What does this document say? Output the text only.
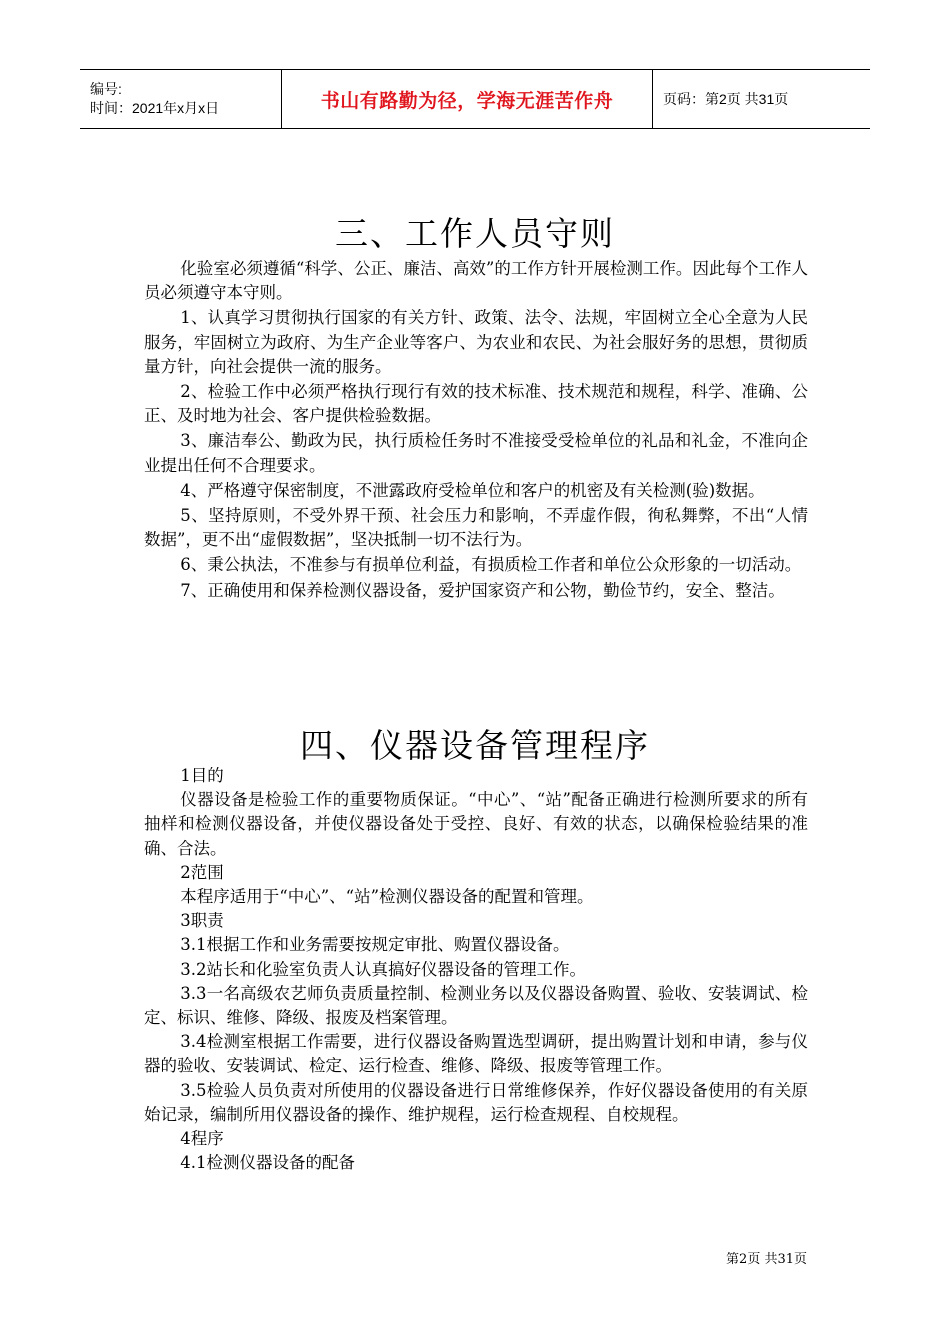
编号:
时间：2021年x月x日	书山有路勤为径，学海无涯苦作舟	页码：第2页 共31页
三、工作人员守则

化验室必须遵循“科学、公正、廉洁、高效”的工作方针开展检测工作。因此每个工作人员必须遵守本守则。

1、认真学习贯彻执行国家的有关方针、政策、法令、法规，牢固树立全心全意为人民服务，牢固树立为政府、为生产企业等客户、为农业和农民、为社会服好务的思想，贯彻质量方针，向社会提供一流的服务。

2、检验工作中必须严格执行现行有效的技术标准、技术规范和规程，科学、准确、公正、及时地为社会、客户提供检验数据。

3、廉洁奉公、勤政为民，执行质检任务时不准接受受检单位的礼品和礼金，不准向企业提出任何不合理要求。

4、严格遵守保密制度，不泄露政府受检单位和客户的机密及有关检测(验)数据。

5、坚持原则，不受外界干预、社会压力和影响，不弄虚作假，徇私舞弊，不出“人情数据”，更不出“虚假数据”，坚决抵制一切不法行为。

6、秉公执法，不准参与有损单位利益，有损质检工作者和单位公众形象的一切活动。

7、正确使用和保养检测仪器设备，爱护国家资产和公物，勤俭节约，安全、整洁。

四、仪器设备管理程序

1目的

仪器设备是检验工作的重要物质保证。“中心”、“站”配备正确进行检测所要求的所有抽样和检测仪器设备，并使仪器设备处于受控、良好、有效的状态，以确保检验结果的准确、合法。

2范围

本程序适用于“中心”、“站”检测仪器设备的配置和管理。

3职责

3.1根据工作和业务需要按规定审批、购置仪器设备。

3.2站长和化验室负责人认真搞好仪器设备的管理工作。

3.3一名高级农艺师负责质量控制、检测业务以及仪器设备购置、验收、安装调试、检定、标识、维修、降级、报废及档案管理。

3.4检测室根据工作需要，进行仪器设备购置选型调研，提出购置计划和申请，参与仪器的验收、安装调试、检定、运行检查、维修、降级、报废等管理工作。

3.5检验人员负责对所使用的仪器设备进行日常维修保养，作好仪器设备使用的有关原始记录，编制所用仪器设备的操作、维护规程，运行检查规程、自校规程。

4程序

4.1检测仪器设备的配备

第2页 共31页
